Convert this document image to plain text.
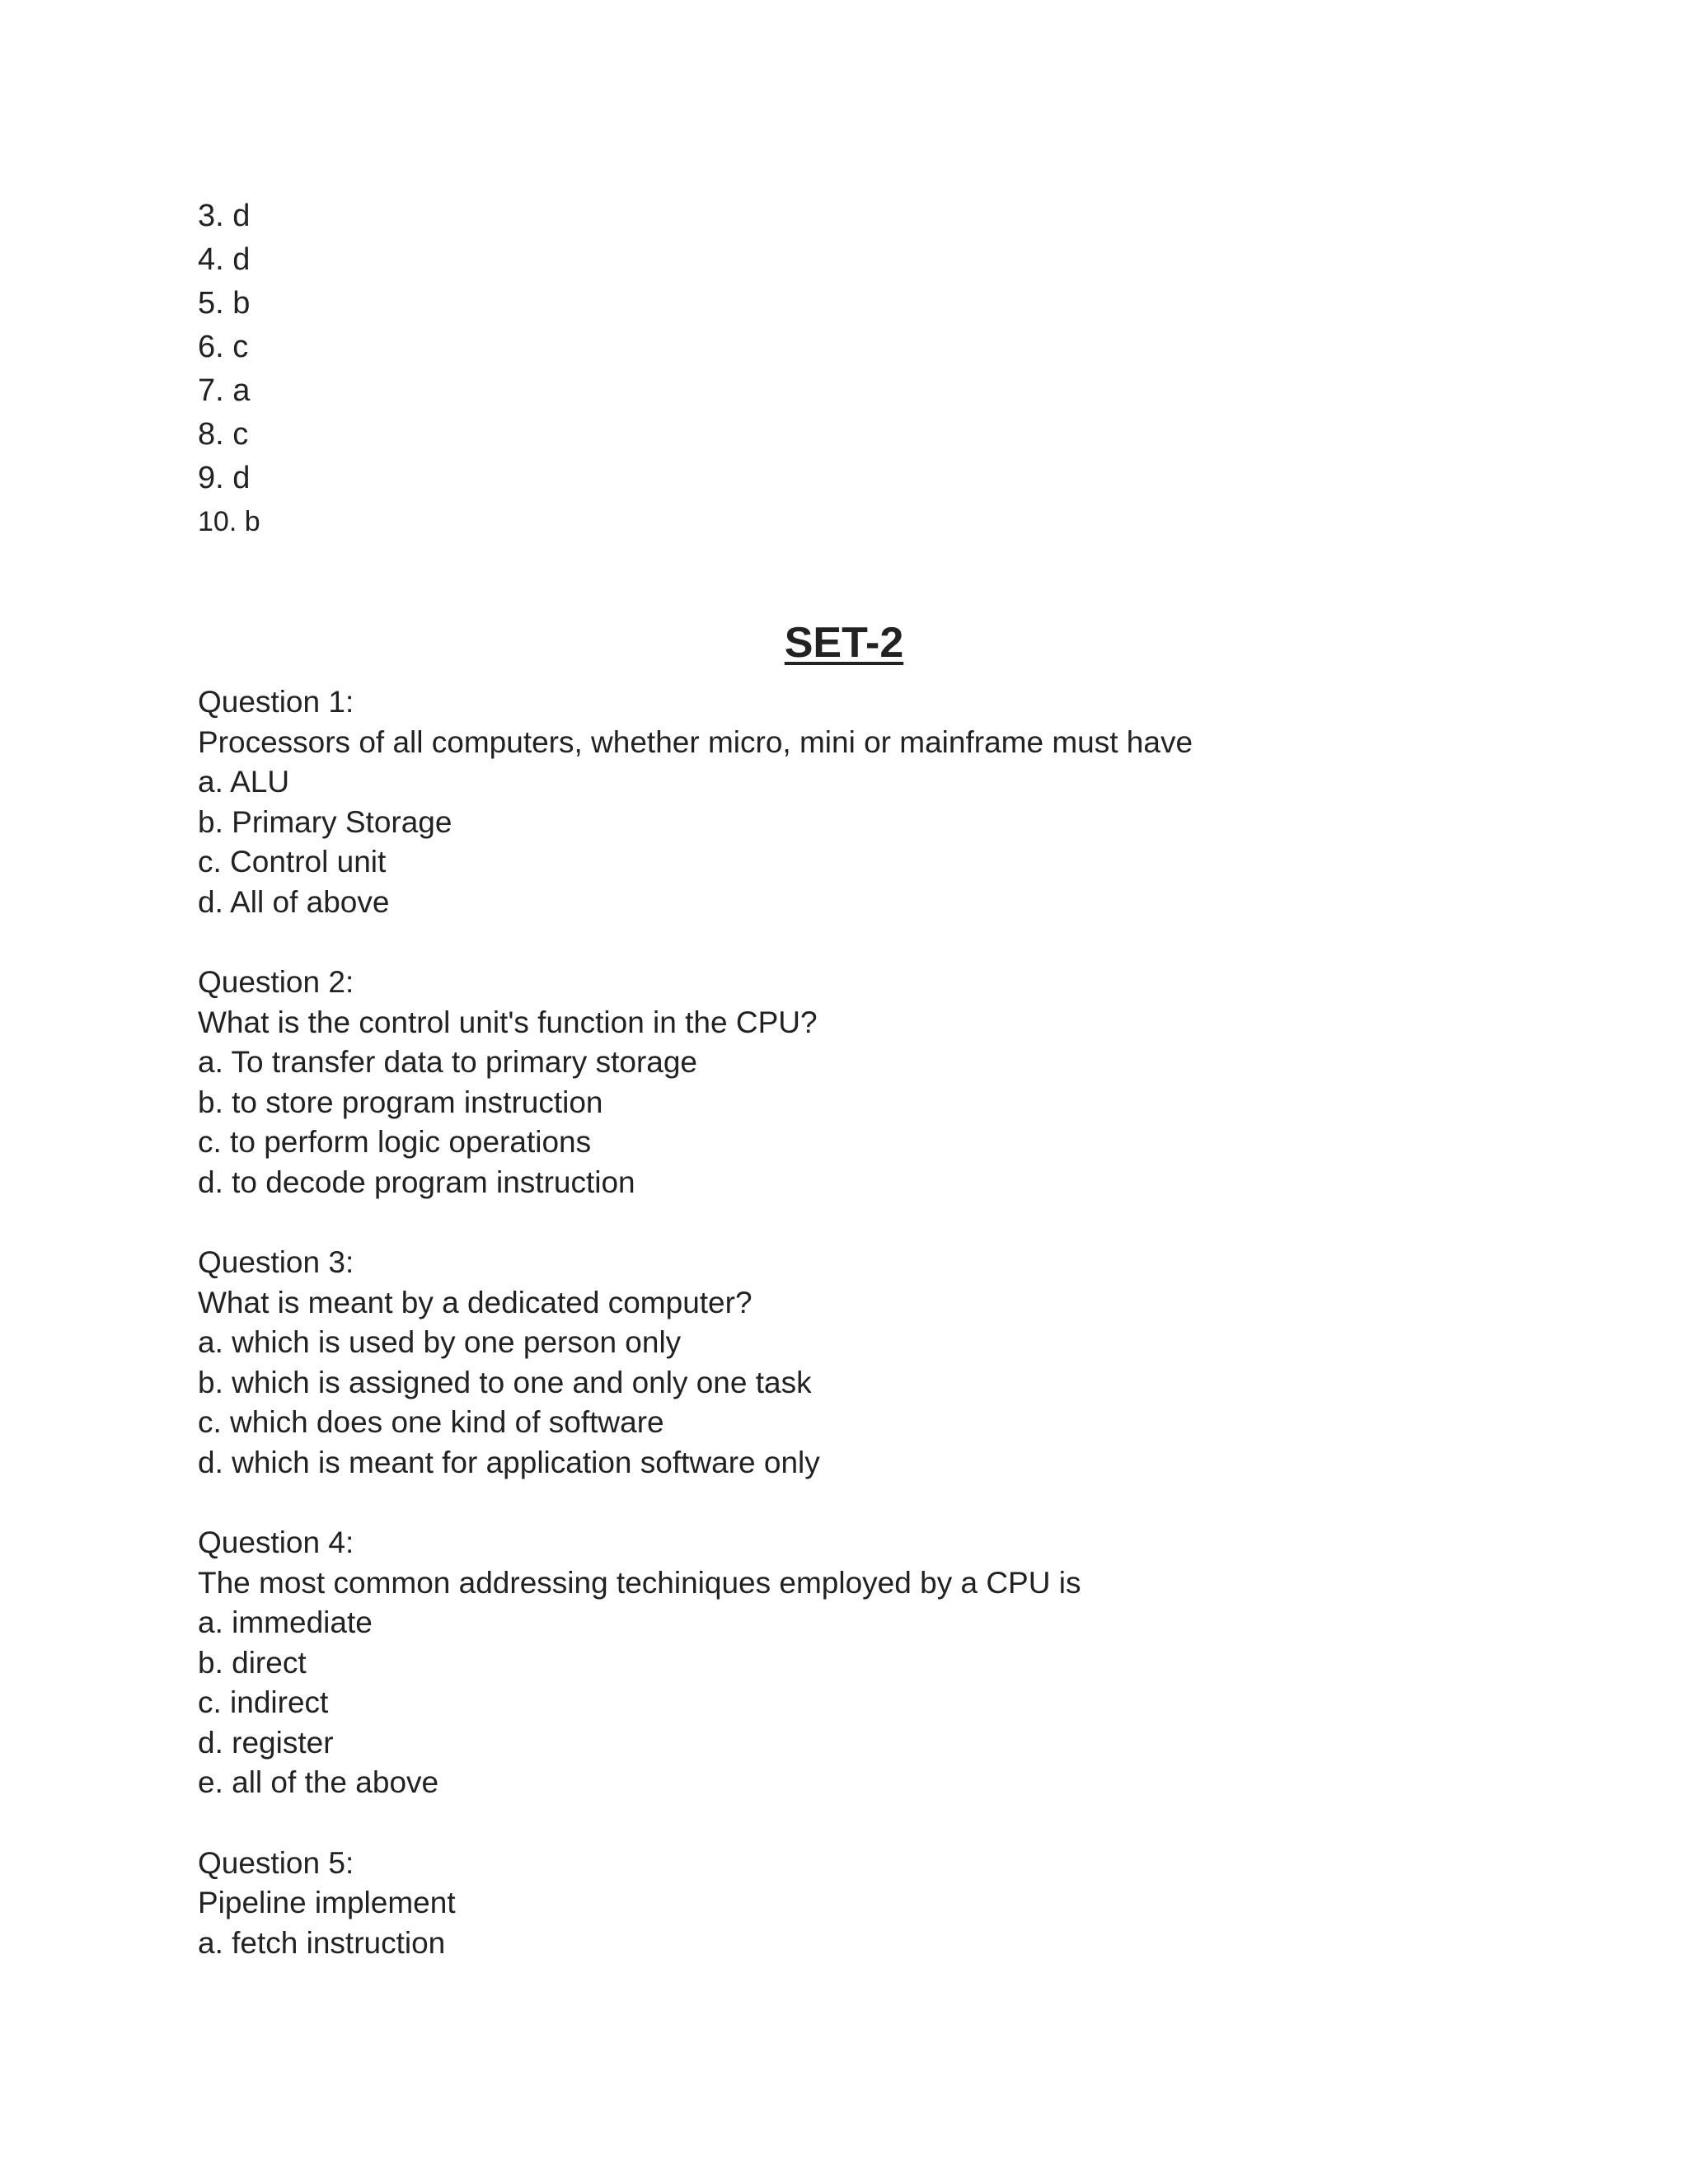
3. d
4. d
5. b
6. c
7. a
8. c
9. d
10. b
SET-2
Question 1:
Processors of all computers, whether micro, mini or mainframe must have
a. ALU
b. Primary Storage
c. Control unit
d. All of above
Question 2:
What is the control unit's function in the CPU?
a. To transfer data to primary storage
b. to store program instruction
c. to perform logic operations
d. to decode program instruction
Question 3:
What is meant by a dedicated computer?
a. which is used by one person only
b. which is assigned to one and only one task
c. which does one kind of software
d. which is meant for application software only
Question 4:
The most common addressing techiniques employed by a CPU is
a. immediate
b. direct
c. indirect
d. register
e. all of the above
Question 5:
Pipeline implement
a. fetch instruction
